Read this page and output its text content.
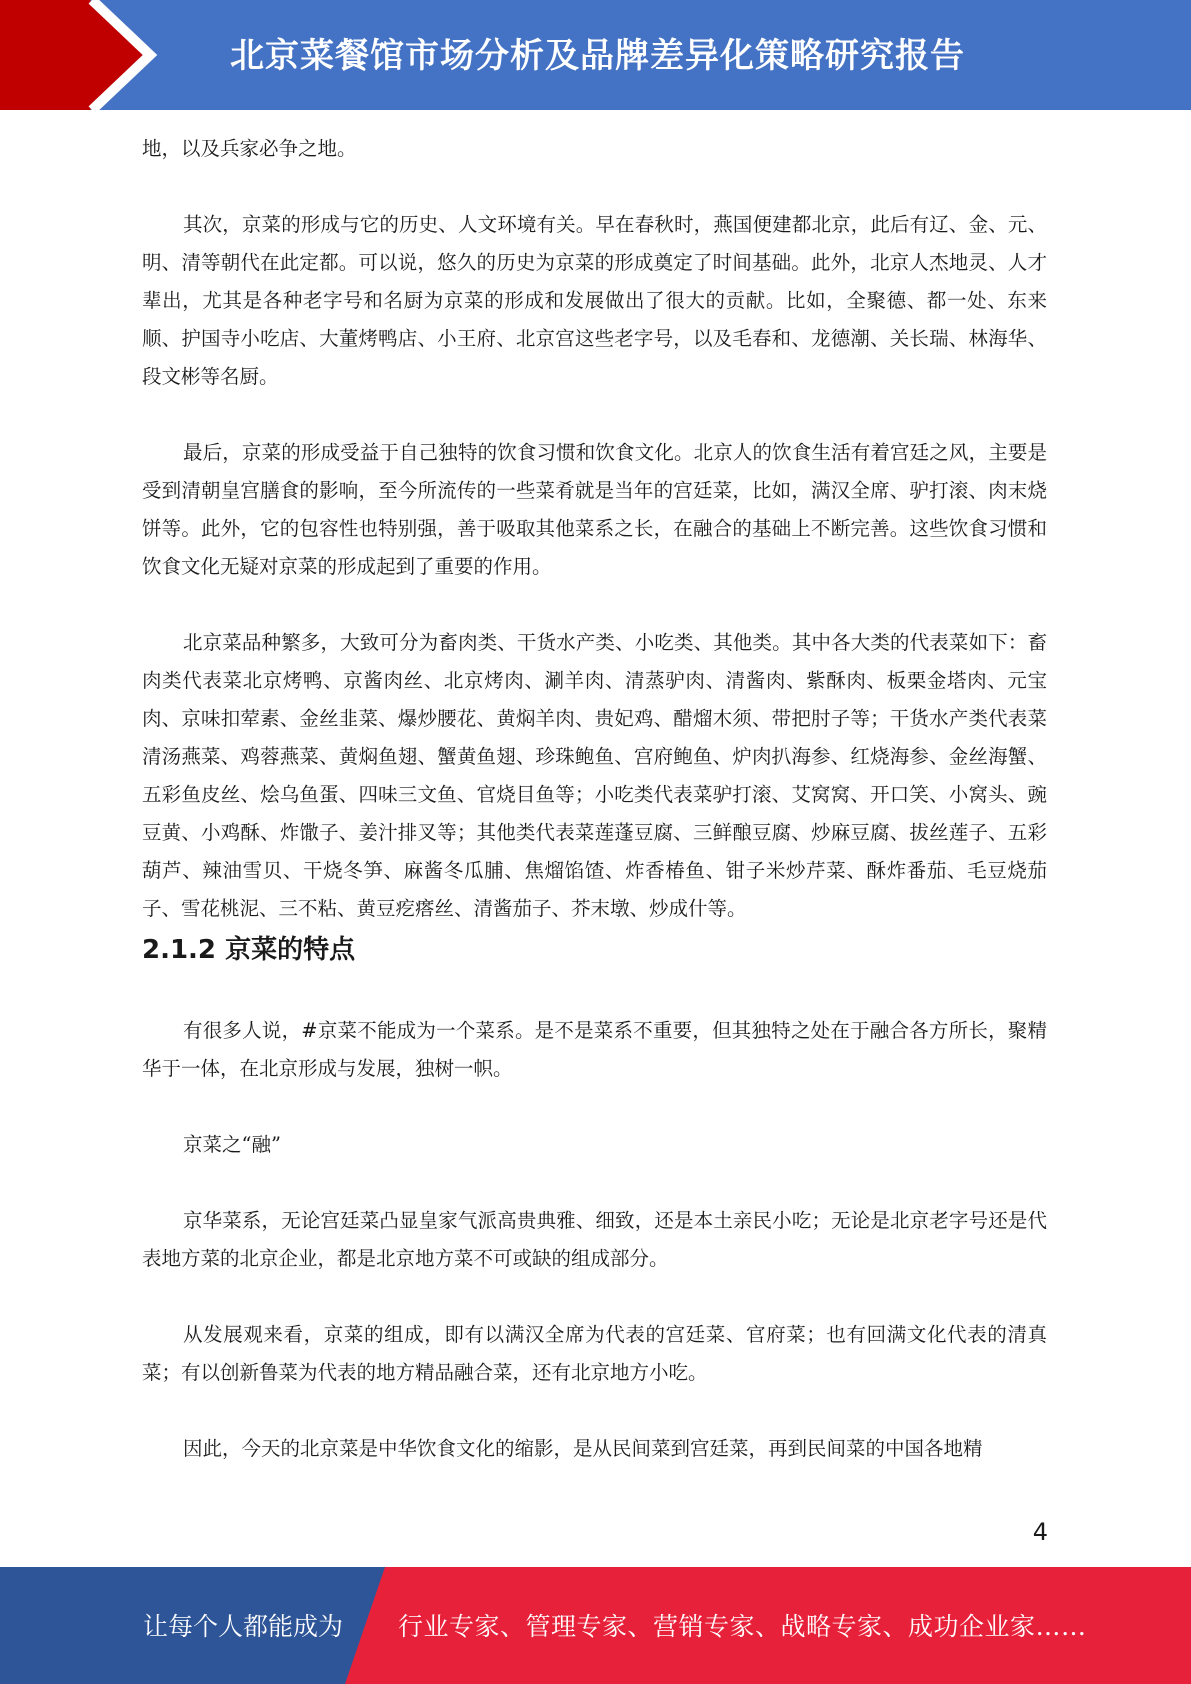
北京菜餐馆市场分析及品牌差异化策略研究报告

地，以及兵家必争之地。

其次，京菜的形成与它的历史、人文环境有关。早在春秋时，燕国便建都北京，此后有辽、金、元、明、清等朝代在此定都。可以说，悠久的历史为京菜的形成奠定了时间基础。此外，北京人杰地灵、人才辈出，尤其是各种老字号和名厨为京菜的形成和发展做出了很大的贡献。比如，全聚德、都一处、东来顺、护国寺小吃店、大董烤鸭店、小王府、北京宫这些老字号，以及毛春和、龙德潮、关长瑞、林海华、段文彬等名厨。

最后，京菜的形成受益于自己独特的饮食习惯和饮食文化。北京人的饮食生活有着宫廷之风，主要是受到清朝皇宫膳食的影响，至今所流传的一些菜肴就是当年的宫廷菜，比如，满汉全席、驴打滚、肉末烧饼等。此外，它的包容性也特别强，善于吸取其他菜系之长，在融合的基础上不断完善。这些饮食习惯和饮食文化无疑对京菜的形成起到了重要的作用。

北京菜品种繁多，大致可分为畜肉类、干货水产类、小吃类、其他类。其中各大类的代表菜如下：畜肉类代表菜北京烤鸭、京酱肉丝、北京烤肉、涮羊肉、清蒸驴肉、清酱肉、紫酥肉、板栗金塔肉、元宝肉、京味扣荤素、金丝韭菜、爆炒腰花、黄焖羊肉、贵妃鸡、醋熘木须、带把肘子等；干货水产类代表菜清汤燕菜、鸡蓉燕菜、黄焖鱼翅、蟹黄鱼翅、珍珠鲍鱼、宫府鲍鱼、炉肉扒海参、红烧海参、金丝海蟹、五彩鱼皮丝、烩乌鱼蛋、四味三文鱼、官烧目鱼等；小吃类代表菜驴打滚、艾窝窝、开口笑、小窝头、豌豆黄、小鸡酥、炸馓子、姜汁排叉等；其他类代表菜莲蓬豆腐、三鲜酿豆腐、炒麻豆腐、拔丝莲子、五彩葫芦、辣油雪贝、干烧冬笋、麻酱冬瓜脯、焦熘馅馇、炸香椿鱼、钳子米炒芹菜、酥炸番茄、毛豆烧茄子、雪花桃泥、三不粘、黄豆疙瘩丝、清酱茄子、芥末墩、炒成什等。

2.1.2 京菜的特点

有很多人说，#京菜不能成为一个菜系。是不是菜系不重要，但其独特之处在于融合各方所长，聚精华于一体，在北京形成与发展，独树一帜。

京菜之“融”

京华菜系，无论宫廷菜凸显皇家气派高贵典雅、细致，还是本土亲民小吃；无论是北京老字号还是代表地方菜的北京企业，都是北京地方菜不可或缺的组成部分。

从发展观来看，京菜的组成，即有以满汉全席为代表的宫廷菜、官府菜；也有回满文化代表的清真菜；有以创新鲁菜为代表的地方精品融合菜，还有北京地方小吃。

因此，今天的北京菜是中华饮食文化的缩影，是从民间菜到宫廷菜，再到民间菜的中国各地精

4
让每个人都能成为 行业专家、管理专家、营销专家、战略专家、成功企业家……
